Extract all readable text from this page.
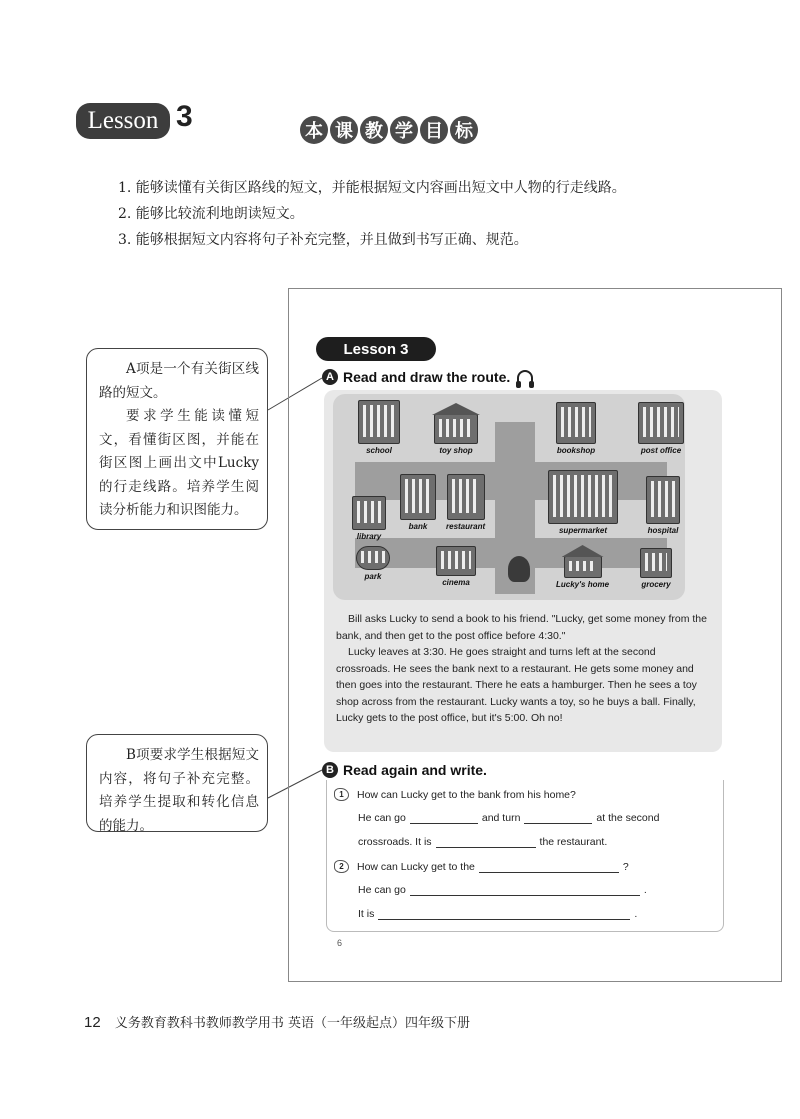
Lesson 3	本 课 教 学 目 标
1. 能够读懂有关街区路线的短文，并能根据短文内容画出短文中人物的行走线路。
2. 能够比较流利地朗读短文。
3. 能够根据短文内容将句子补充完整，并且做到书写正确、规范。

A项是一个有关街区线路的短文。

要求学生能读懂短文，看懂街区图，并能在街区图上画出文中Lucky的行走线路。培养学生阅读分析能力和识图能力。

B项要求学生根据短文内容，将句子补充完整。培养学生提取和转化信息的能力。

Lesson 3
A Read and draw the route.
school	toy shop	bookshop	post office
library
bank restaurant	supermarket	hospital
park
cinema	Lucky's home	grocery

Bill asks Lucky to send a book to his friend. "Lucky, get some money from the bank, and then get to the post office before 4:30."

Lucky leaves at 3:30. He goes straight and turns left at the second crossroads. He sees the bank next to a restaurant. He gets some money and then goes into the restaurant. There he eats a hamburger. Then he sees a toy shop across from the restaurant. Lucky wants a toy, so he buys a ball. Finally, Lucky gets to the post office, but it's 5:00. Oh no!

B Read again and write.
1	How can Lucky get to the bank from his home?
He can go	and turn	at the second
crossroads. It is	the restaurant.
2	How can Lucky get to the	?
He can go	.
It is	.
6
12 义务教育教科书教师教学用书 英语（一年级起点）四年级下册
